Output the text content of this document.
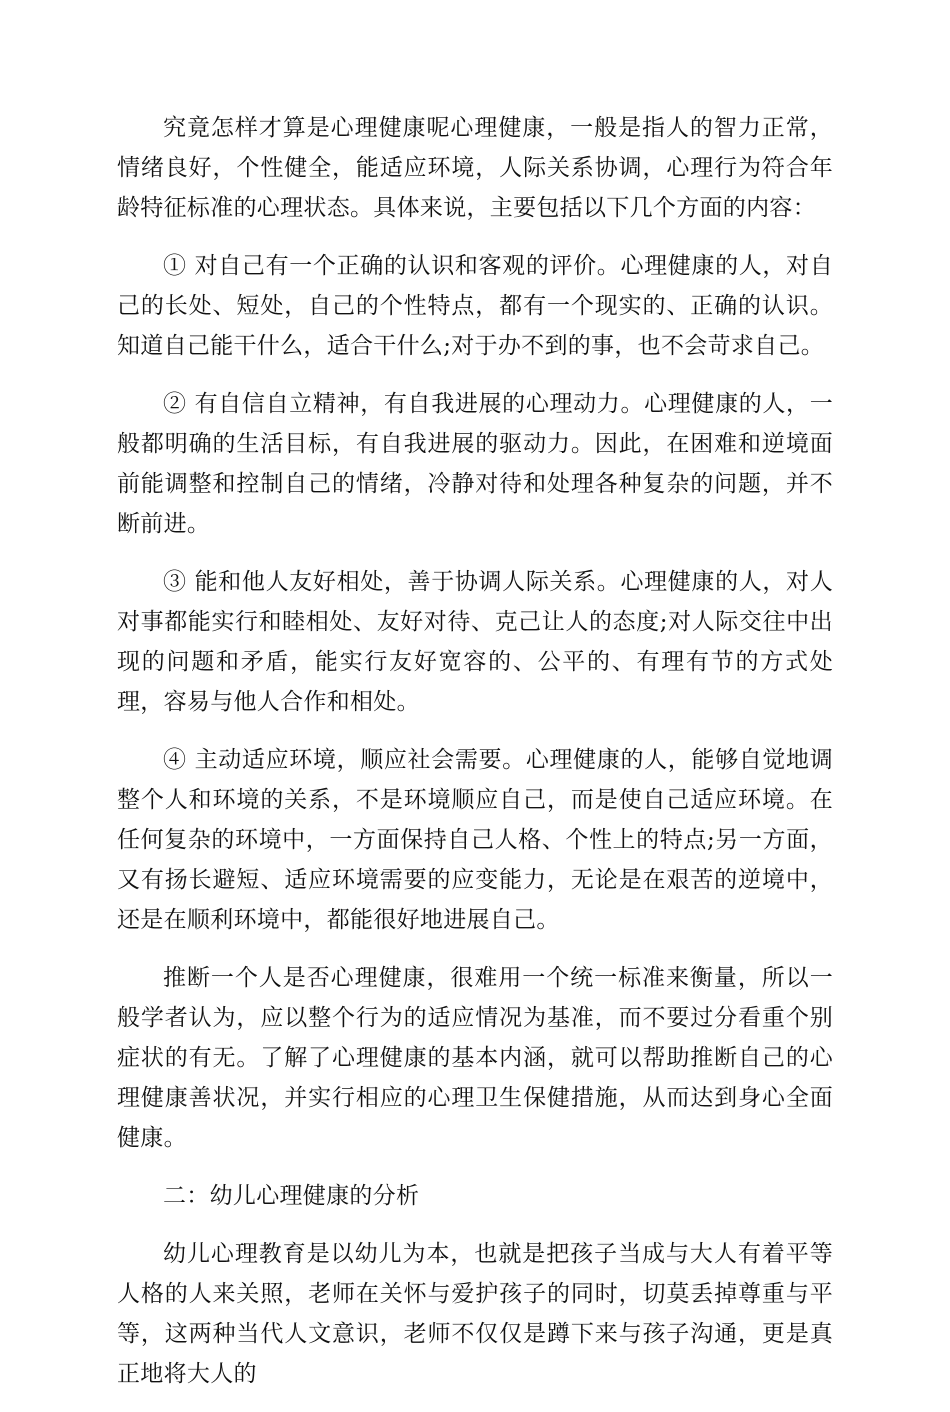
究竟怎样才算是心理健康呢心理健康，一般是指人的智力正常，情绪良好，个性健全，能适应环境，人际关系协调，心理行为符合年龄特征标准的心理状态。具体来说，主要包括以下几个方面的内容：

① 对自己有一个正确的认识和客观的评价。心理健康的人，对自己的长处、短处，自己的个性特点，都有一个现实的、正确的认识。知道自己能干什么，适合干什么;对于办不到的事，也不会苛求自己。

② 有自信自立精神，有自我进展的心理动力。心理健康的人，一般都明确的生活目标，有自我进展的驱动力。因此，在困难和逆境面前能调整和控制自己的情绪，冷静对待和处理各种复杂的问题，并不断前进。

③ 能和他人友好相处，善于协调人际关系。心理健康的人，对人对事都能实行和睦相处、友好对待、克己让人的态度;对人际交往中出现的问题和矛盾，能实行友好宽容的、公平的、有理有节的方式处理，容易与他人合作和相处。

④ 主动适应环境，顺应社会需要。心理健康的人，能够自觉地调整个人和环境的关系，不是环境顺应自己，而是使自己适应环境。在任何复杂的环境中，一方面保持自己人格、个性上的特点;另一方面，又有扬长避短、适应环境需要的应变能力，无论是在艰苦的逆境中，还是在顺利环境中，都能很好地进展自己。

推断一个人是否心理健康，很难用一个统一标准来衡量，所以一般学者认为，应以整个行为的适应情况为基准，而不要过分看重个别症状的有无。了解了心理健康的基本内涵，就可以帮助推断自己的心理健康善状况，并实行相应的心理卫生保健措施，从而达到身心全面健康。

二：幼儿心理健康的分析

幼儿心理教育是以幼儿为本，也就是把孩子当成与大人有着平等人格的人来关照，老师在关怀与爱护孩子的同时，切莫丢掉尊重与平等，这两种当代人文意识，老师不仅仅是蹲下来与孩子沟通，更是真正地将大人的
